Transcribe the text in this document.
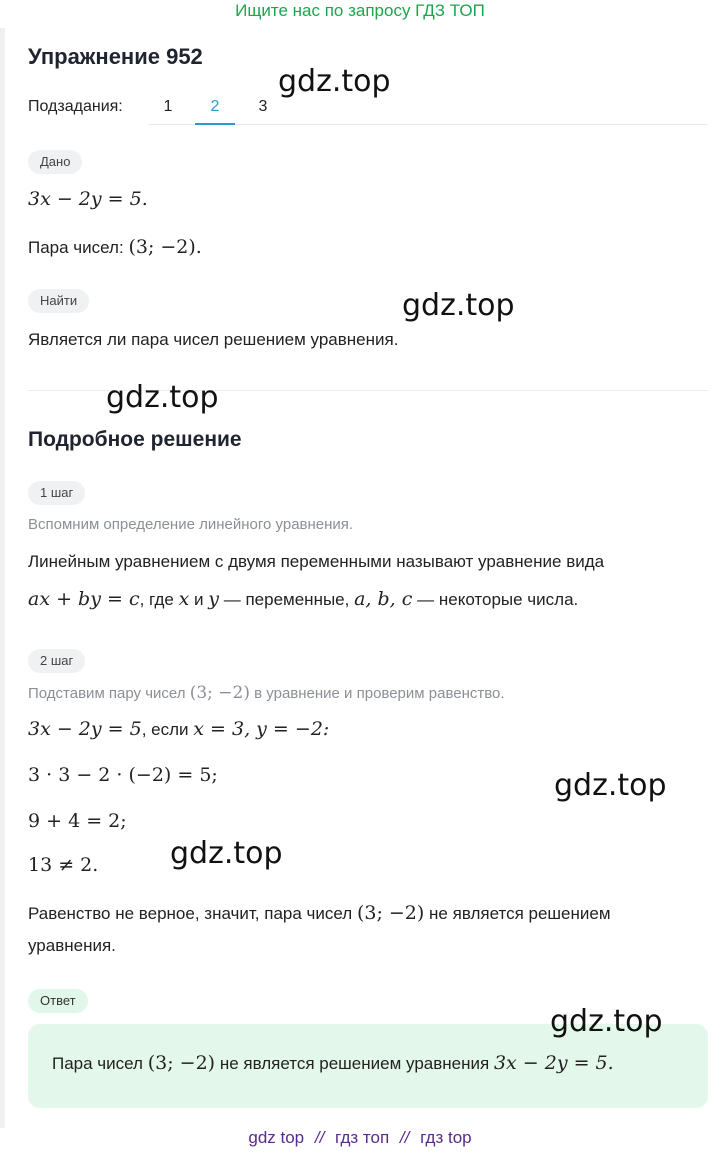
Ищите нас по запросу ГДЗ ТОП
Упражнение 952
Подзадания:	1	2	3
Дано
3x − 2y = 5.
Пара чисел: (3; −2).
Найти
Является ли пара чисел решением уравнения.
Подробное решение
1 шаг
Вспомним определение линейного уравнения.
Линейным уравнением с двумя переменными называют уравнение вида
ax + by = c, где x и y — переменные, a, b, c — некоторые числа.
2 шаг
Подставим пару чисел (3; −2) в уравнение и проверим равенство.
3x − 2y = 5, если x = 3, y = −2:
3 · 3 − 2 · (−2) = 5;
9 + 4 = 2;
13 ≠ 2.
Равенство не верное, значит, пара чисел (3; −2) не является решением
уравнения.
Ответ
Пара чисел (3; −2) не является решением уравнения 3x − 2y = 5.
gdz.top
gdz.top
gdz.top
gdz.top
gdz.top
gdz.top
gdz top // гдз топ // гдз top
